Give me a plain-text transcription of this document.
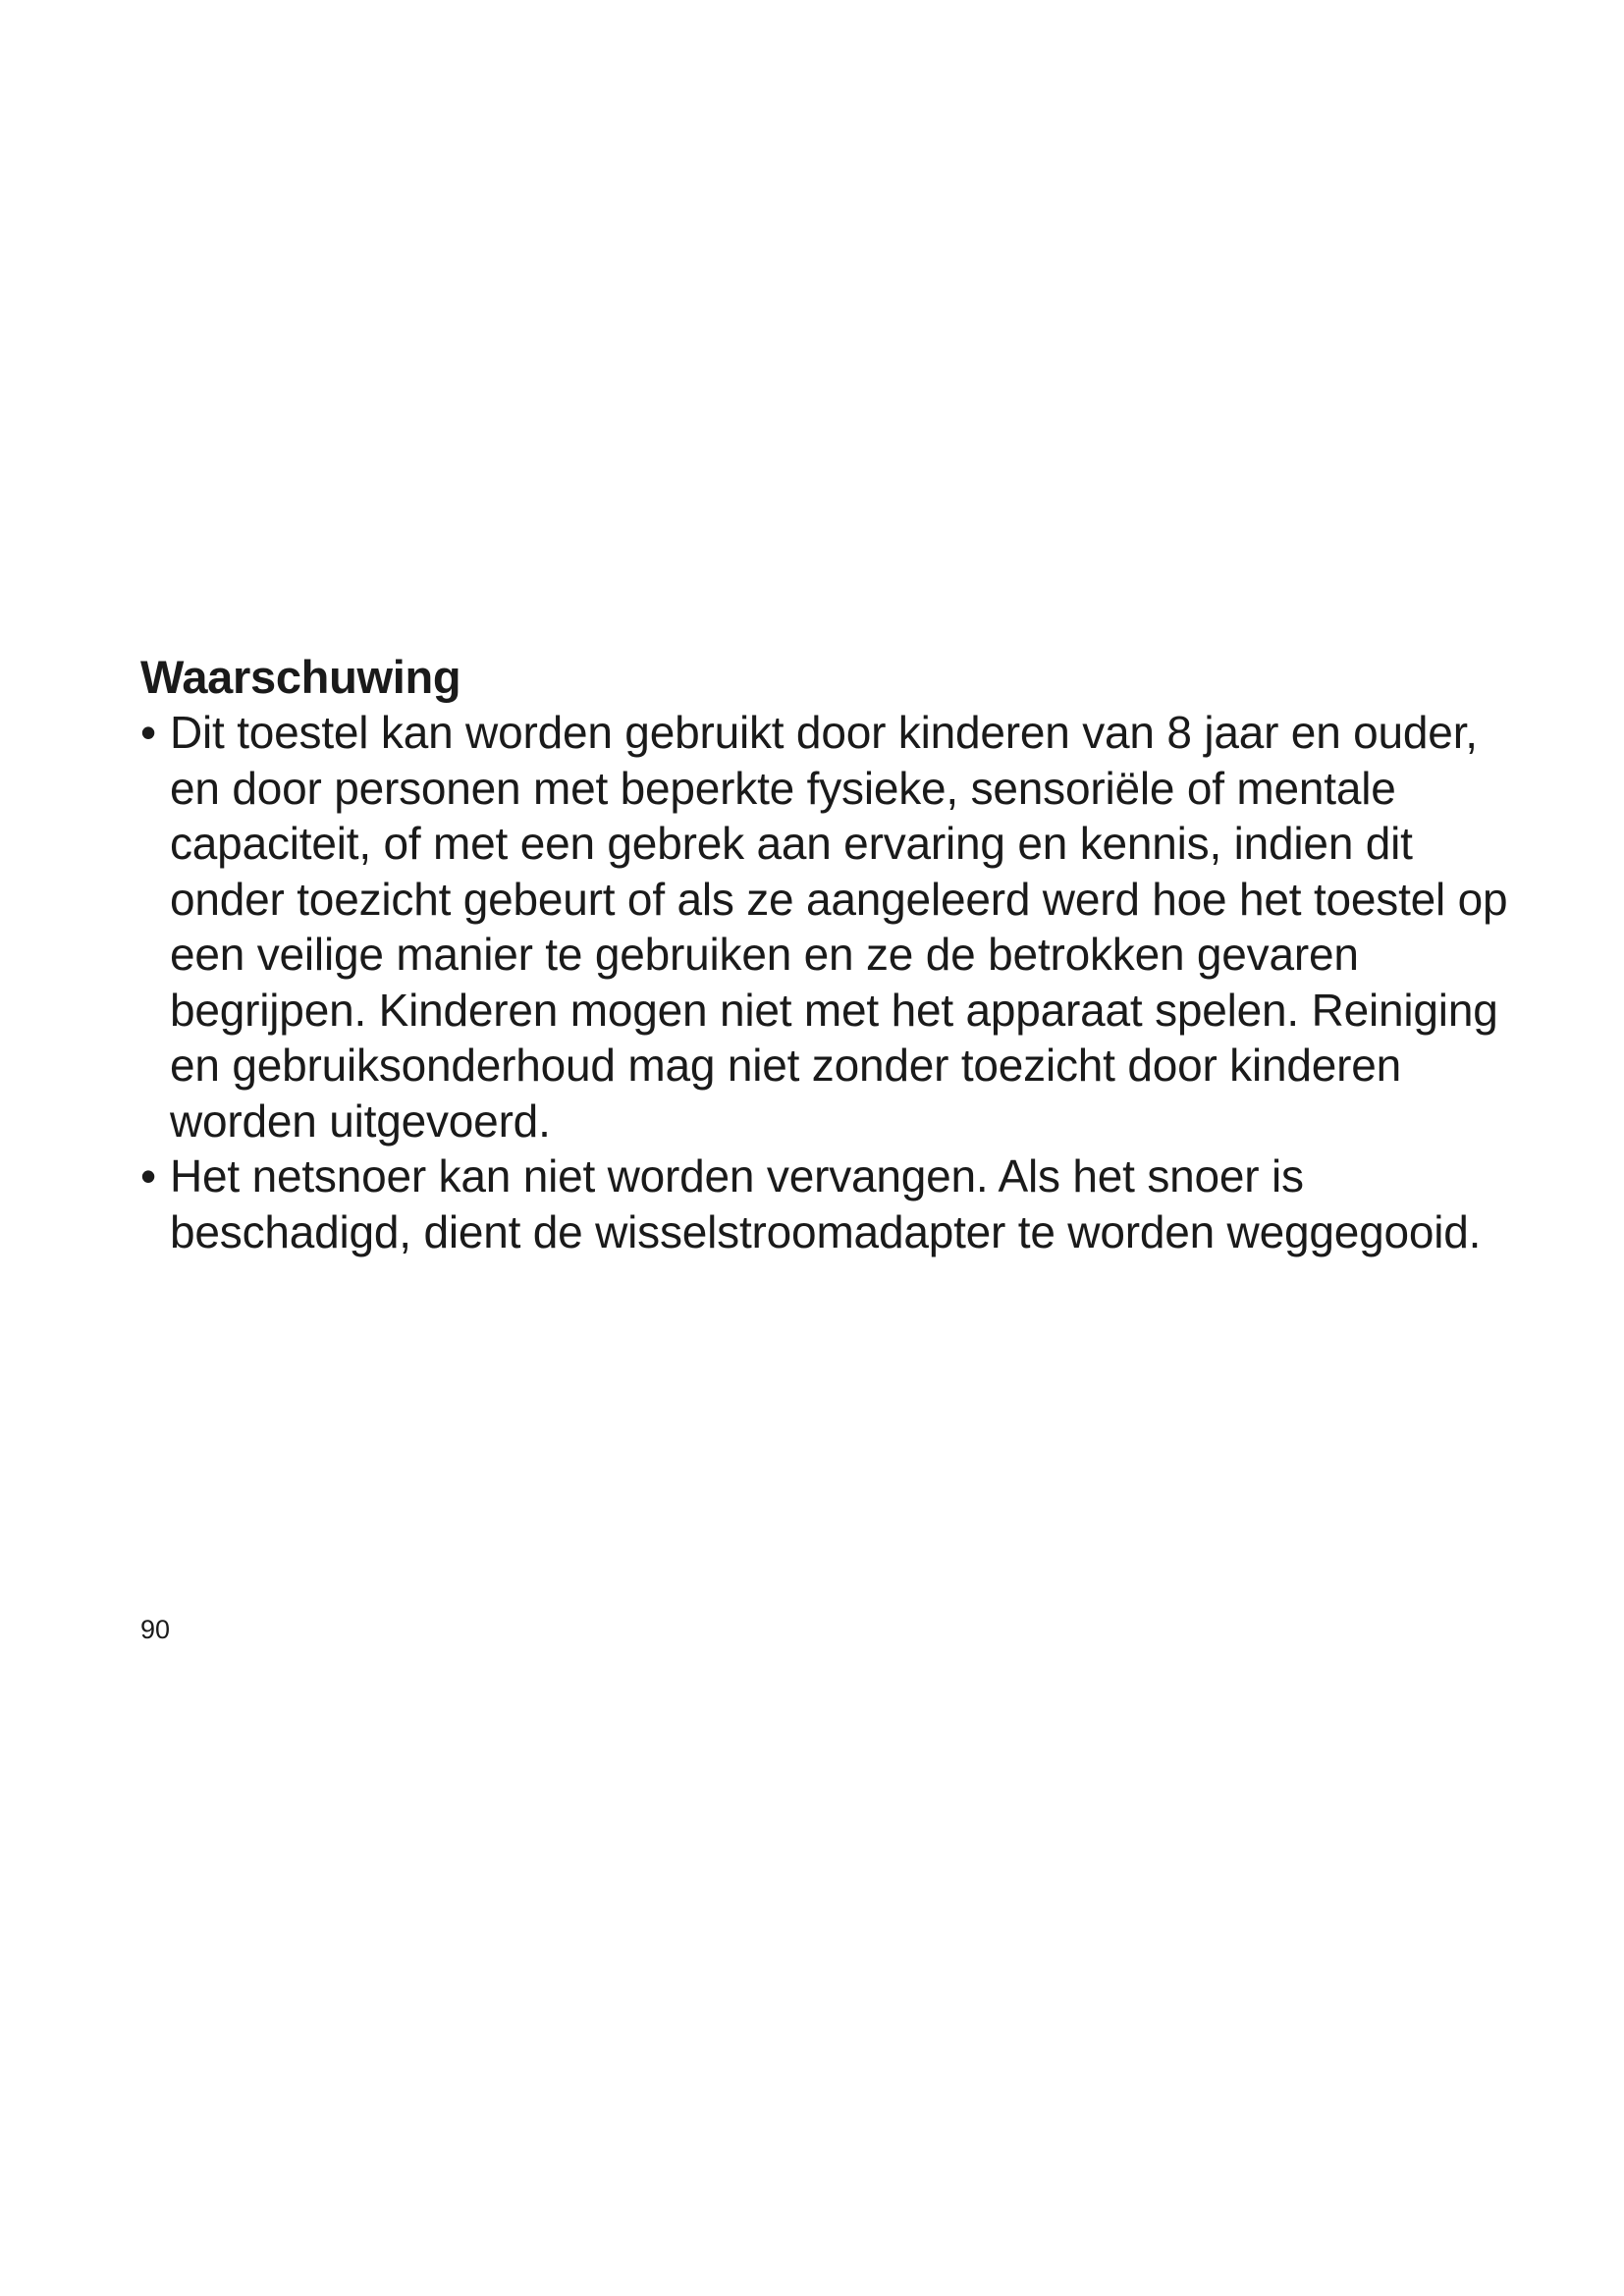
Waarschuwing
• Dit toestel kan worden gebruikt door kinderen van 8 jaar en ouder, en door personen met beperkte fysieke, sensoriële of mentale capaciteit, of met een gebrek aan ervaring en kennis, indien dit onder toezicht gebeurt of als ze aangeleerd werd hoe het toestel op een veilige manier te gebruiken en ze de betrokken gevaren begrijpen. Kinderen mogen niet met het apparaat spelen. Reiniging en gebruiksonderhoud mag niet zonder toezicht door kinderen worden uitgevoerd.
• Het netsnoer kan niet worden vervangen. Als het snoer is beschadigd, dient de wisselstroomadapter te worden weggegooid.
90
